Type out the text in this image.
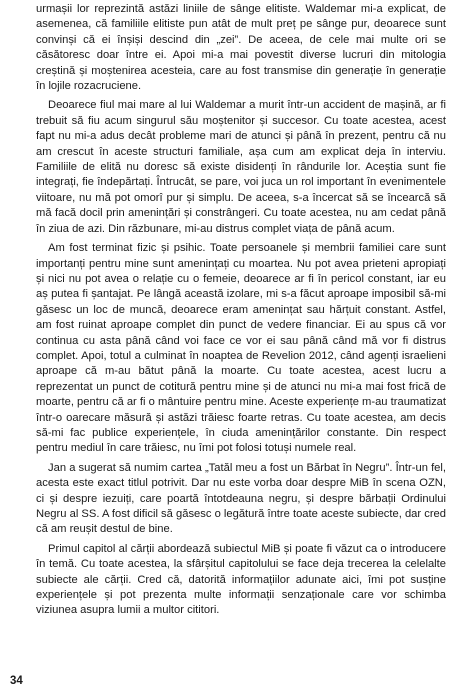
urmașii lor reprezintă astăzi liniile de sânge elitiste. Waldemar mi-a explicat, de asemenea, că familiile elitiste pun atât de mult preț pe sânge pur, deoarece sunt convinși că ei înșiși descind din „zei”. De aceea, de cele mai multe ori se căsătoresc doar între ei. Apoi mi-a mai povestit diverse lucruri din mitologia creștină și moștenirea acesteia, care au fost transmise din generație în generație în lojile rozacruciene.

Deoarece fiul mai mare al lui Waldemar a murit într-un accident de mașină, ar fi trebuit să fiu acum singurul său moștenitor și succesor. Cu toate acestea, acest fapt nu mi-a adus decât probleme mari de atunci și până în prezent, pentru că nu am crescut în aceste structuri familiale, așa cum am explicat deja în interviu. Familiile de elită nu doresc să existe disidenți în rândurile lor. Aceștia sunt fie integrați, fie îndepărtați. Întrucât, se pare, voi juca un rol important în evenimentele viitoare, nu mă pot omorî pur și simplu. De aceea, s-a încercat să se încearcă să mă facă docil prin amenințări și constrângeri. Cu toate acestea, nu am cedat până în ziua de azi. Din răzbunare, mi-au distrus complet viața de până acum.

Am fost terminat fizic și psihic. Toate persoanele și membrii familiei care sunt importanți pentru mine sunt amenințați cu moartea. Nu pot avea prieteni apropiați și nici nu pot avea o relație cu o femeie, deoarece ar fi în pericol constant, iar eu aș putea fi șantajat. Pe lângă această izolare, mi s-a făcut aproape imposibil să-mi găsesc un loc de muncă, deoarece eram amenințat sau hărțuit constant. Astfel, am fost ruinat aproape complet din punct de vedere financiar. Ei au spus că vor continua cu asta până când voi face ce vor ei sau până când mă vor fi distrus complet. Apoi, totul a culminat în noaptea de Revelion 2012, când agenți israelieni aproape că m-au bătut până la moarte. Cu toate acestea, acest lucru a reprezentat un punct de cotitură pentru mine și de atunci nu mi-a mai fost frică de moarte, pentru că ar fi o mântuire pentru mine. Aceste experiențe m-au traumatizat într-o oarecare măsură și astăzi trăiesc foarte retras. Cu toate acestea, am decis să-mi fac publice experiențele, în ciuda amenințărilor constante. Din respect pentru mediul în care trăiesc, nu îmi pot folosi totuși numele real.

Jan a sugerat să numim cartea „Tatăl meu a fost un Bărbat în Negru”. Într-un fel, acesta este exact titlul potrivit. Dar nu este vorba doar despre MiB în scena OZN, ci și despre iezuiți, care poartă întotdeauna negru, și despre bărbații Ordinului Negru al SS. A fost dificil să găsesc o legătură între toate aceste subiecte, dar cred că am reușit destul de bine.

Primul capitol al cărții abordează subiectul MiB și poate fi văzut ca o introducere în temă. Cu toate acestea, la sfârșitul capitolului se face deja trecerea la celelalte subiecte ale cărții. Cred că, datorită informațiilor adunate aici, îmi pot susține experiențele și pot prezenta multe informații senzaționale care vor schimba viziunea asupra lumii a multor cititori.

34
